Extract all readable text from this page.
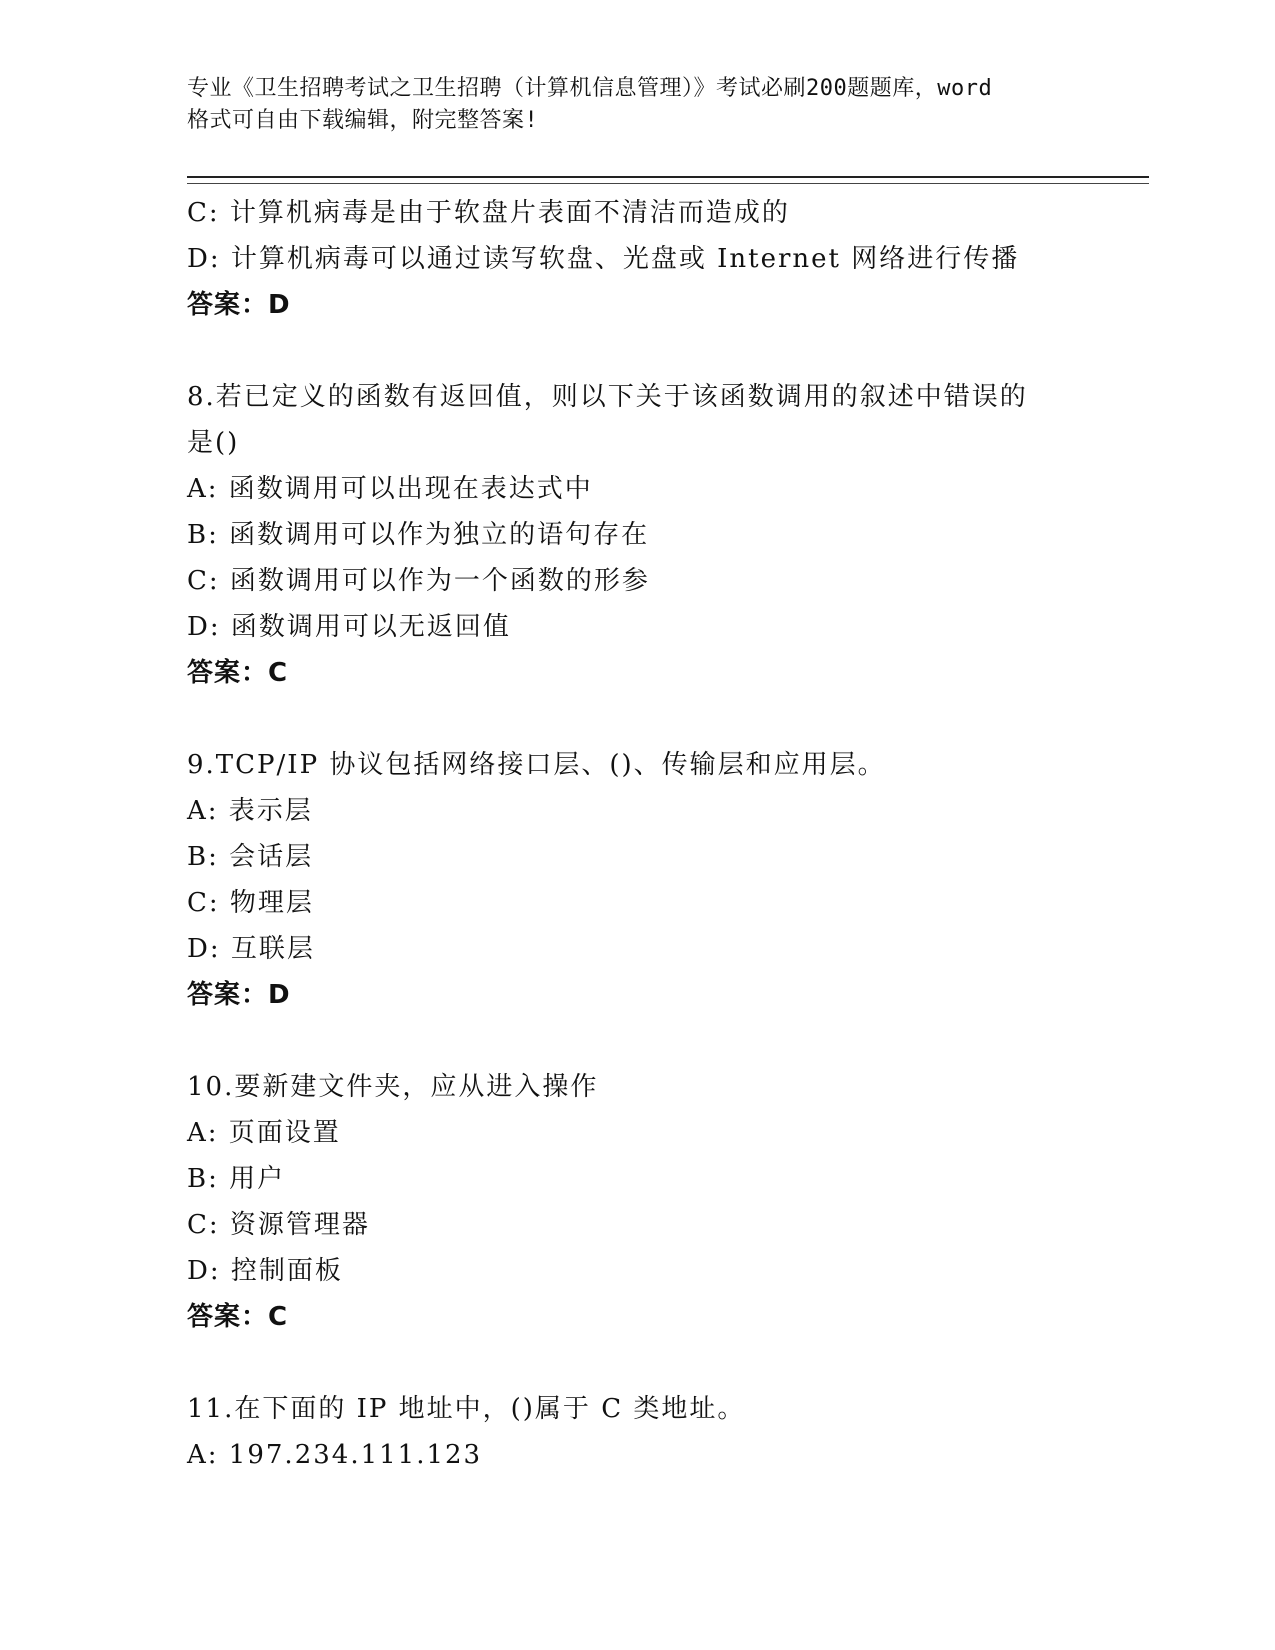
专业《卫生招聘考试之卫生招聘（计算机信息管理）》考试必刷200题题库，word
格式可自由下载编辑，附完整答案!
C: 计算机病毒是由于软盘片表面不清洁而造成的
D: 计算机病毒可以通过读写软盘、光盘或 Internet 网络进行传播
答案：D
8.若已定义的函数有返回值，则以下关于该函数调用的叙述中错误的
是()
A: 函数调用可以出现在表达式中
B: 函数调用可以作为独立的语句存在
C: 函数调用可以作为一个函数的形参
D: 函数调用可以无返回值
答案：C
9.TCP/IP 协议包括网络接口层、()、传输层和应用层。
A: 表示层
B: 会话层
C: 物理层
D: 互联层
答案：D
10.要新建文件夹，应从进入操作
A: 页面设置
B: 用户
C: 资源管理器
D: 控制面板
答案：C
11.在下面的 IP 地址中，()属于 C 类地址。
A: 197.234.111.123
